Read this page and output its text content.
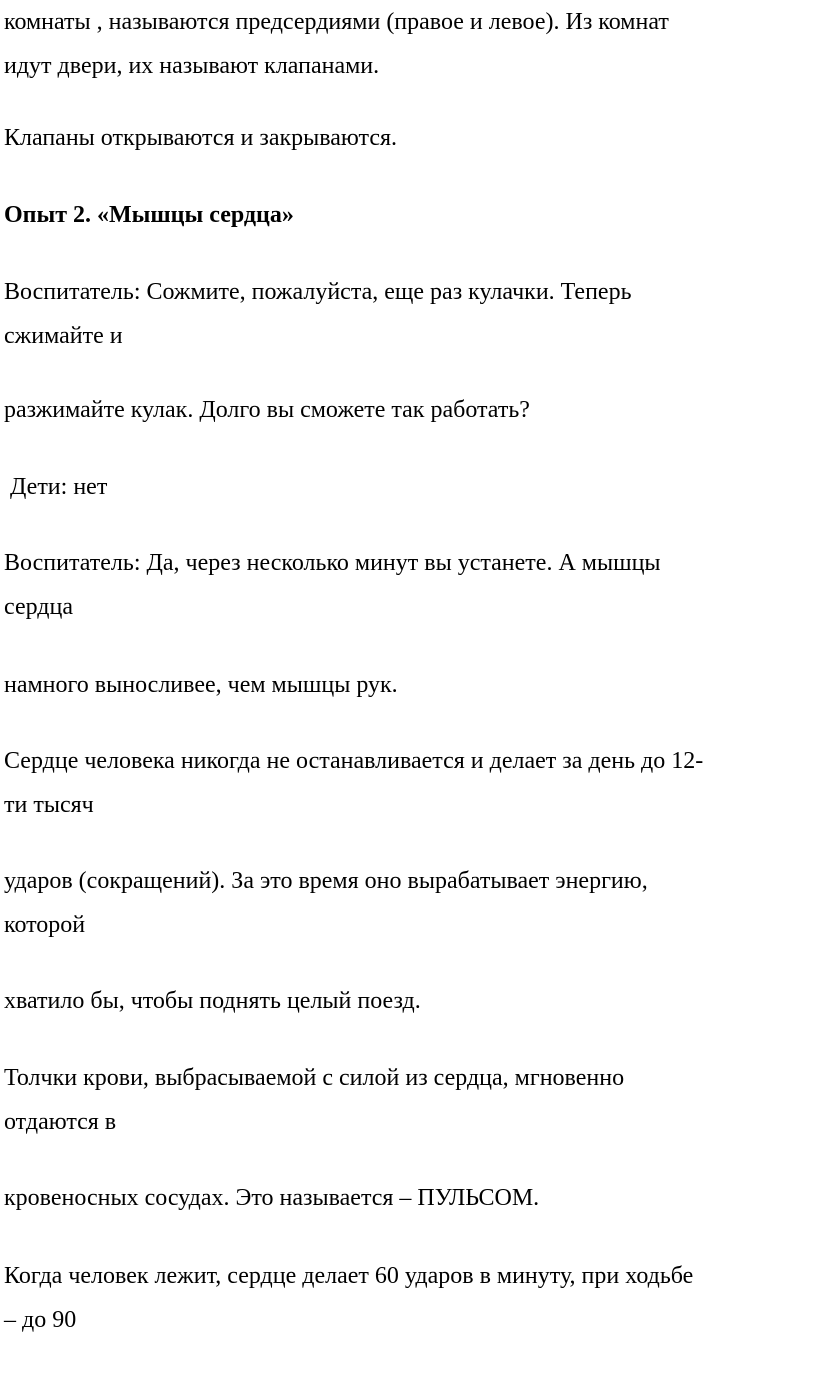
комнаты , называются предсердиями (правое и левое). Из комнат
идут двери, их называют клапанами.

Клапаны открываются и закрываются.

Опыт 2. «Мышцы сердца»

Воспитатель: Сожмите, пожалуйста, еще раз кулачки. Теперь
сжимайте и

разжимайте кулак. Долго вы сможете так работать?

Дети: нет

Воспитатель: Да, через несколько минут вы устанете. А мышцы
сердца

намного выносливее, чем мышцы рук.

Сердце человека никогда не останавливается и делает за день до 12-
ти тысяч

ударов (сокращений). За это время оно вырабатывает энергию,
которой

хватило бы, чтобы поднять целый поезд.

Толчки крови, выбрасываемой с силой из сердца, мгновенно
отдаются в

кровеносных сосудах. Это называется – ПУЛЬСОМ.

Когда человек лежит, сердце делает 60 ударов в минуту, при ходьбе
– до 90
